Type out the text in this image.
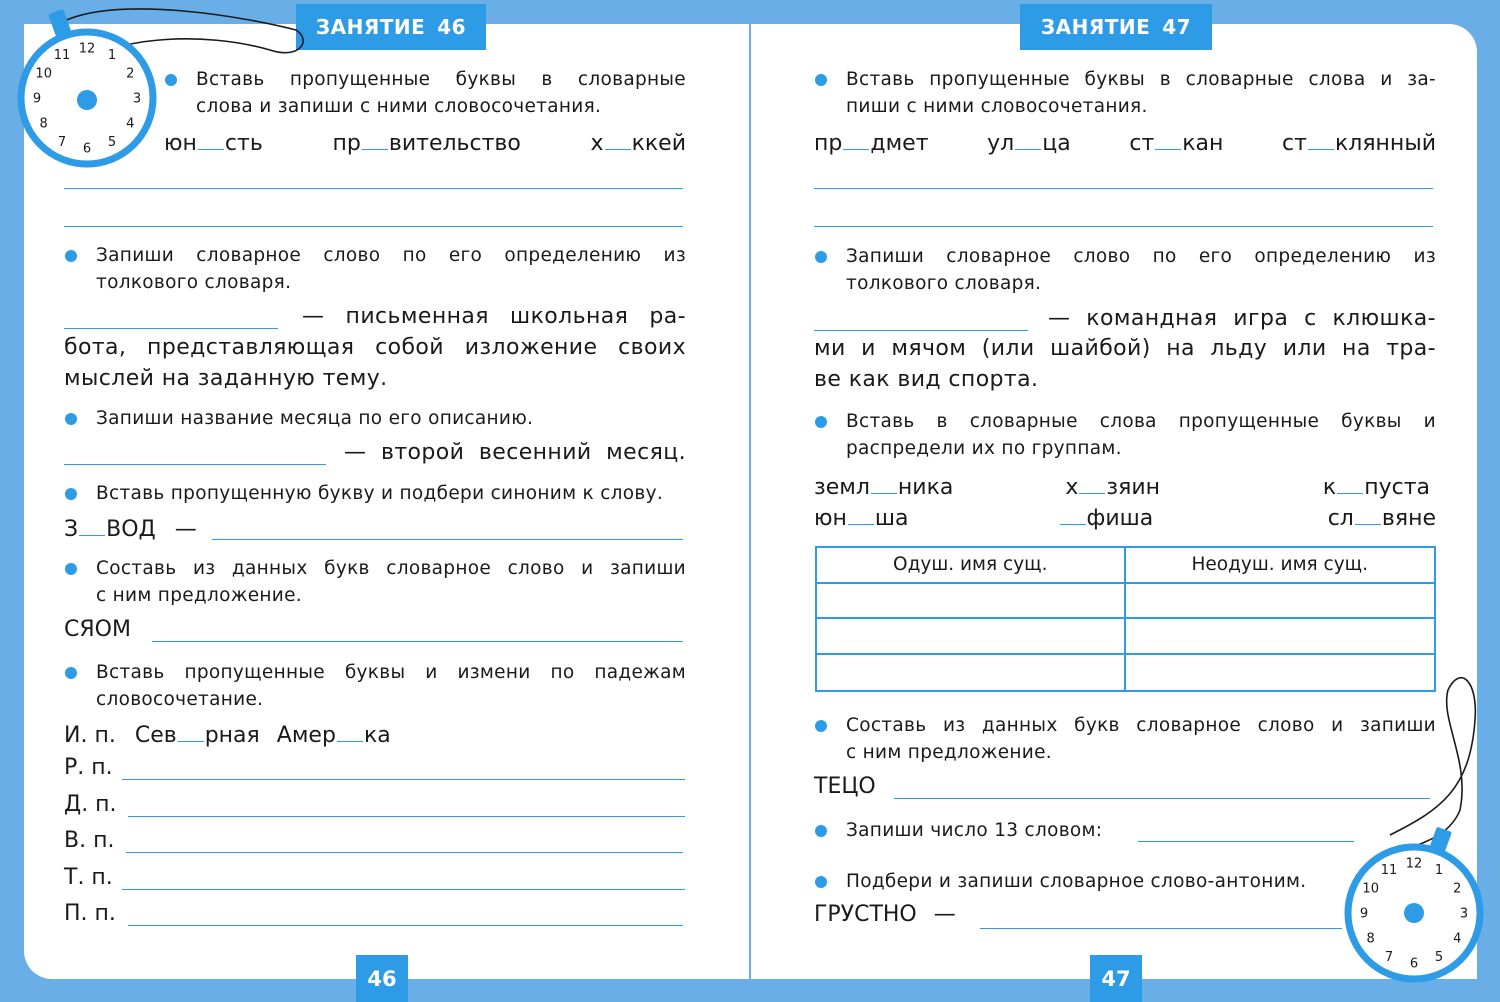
ЗАНЯТИЕ 46	ЗАНЯТИЕ 47
12 1
2
3
4
5
6
7
8
9
10
11
12 1
2
3
4
5
6
7
8
9
10
11
Вставь пропущенные буквы в словарные
слова и запиши с ними словосочетания.
юн сть	пр вительство	х ккей
Запиши словарное слово по его определению из
толкового словаря.
— письменная школьная ра-
бота, представляющая собой изложение своих
мыслей на заданную тему.
Запиши название месяца по его описанию.
— второй весенний месяц.
Вставь пропущенную букву и подбери синоним к слову.
З ВОД —
Составь из данных букв словарное слово и запиши
с ним предложение.
СЯОМ
Вставь пропущенные буквы и измени по падежам
словосочетание.
И. п. Сев рная Амер ка
Р. п.
Д. п.
В. п.
Т. п.
П. п.
Вставь пропущенные буквы в словарные слова и за-
пиши с ними словосочетания.
пр дмет	ул ца	ст кан	ст клянный
Запиши словарное слово по его определению из
толкового словаря.
— командная игра с клюшка-
ми и мячом (или шайбой) на льду или на тра-
ве как вид спорта.
Вставь в словарные слова пропущенные буквы и
распредели их по группам.
земл ника	х зяин	к пуста
юн ша	фиша	сл вяне
Одуш. имя сущ.	Неодуш. имя сущ.
Составь из данных букв словарное слово и запиши
с ним предложение.
ТЕЦО
Запиши число 13 словом:
Подбери и запиши словарное слово-антоним.
ГРУСТНО —
46	47
